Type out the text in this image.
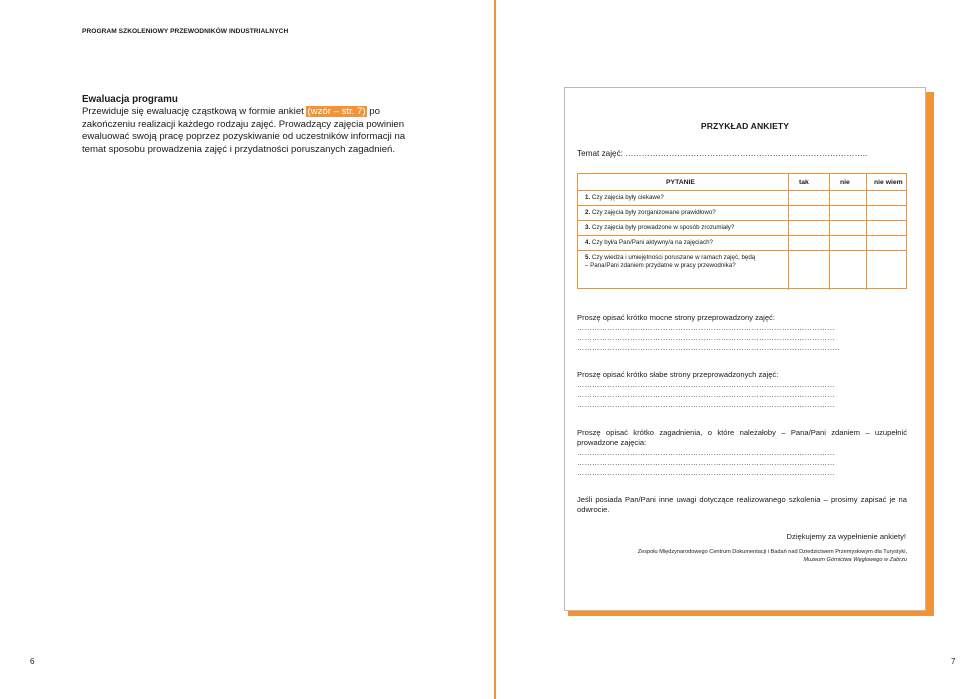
PROGRAM SZKOLENIOWY PRZEWODNIKÓW INDUSTRIALNYCH
Ewaluacja programu
Przewiduje się ewaluację cząstkową w formie ankiet (wzór – str. 7) po zakończeniu realizacji każdego rodzaju zajęć. Prowadzący zajęcia powinien ewaluować swoją pracę poprzez pozyskiwanie od uczestników informacji na temat sposobu prowadzenia zajęć i przydatności poruszanych zagadnień.
PRZYKŁAD ANKIETY
Temat zajęć: ……………………………………………………………………………..
PYTANIE	tak	nie	nie wiem
1. Czy zajęcia były ciekawe?
2. Czy zajęcia były zorganizowane prawidłowo?
3. Czy zajęcia były prowadzone w sposób zrozumiały?
4. Czy był/a Pan/Pani aktywny/a na zajęciach?
5. Czy wiedza i umiejętności poruszane w ramach zajęć, będą
– Pana/Pani zdaniem przydatne w pracy przewodnika?
Proszę opisać krótko mocne strony przeprowadzony zajęć:
…………………………………………………………………………………………
…………………………………………………………………………………………
…………………………………………………………………………………………..
Proszę opisać krótko słabe strony przeprowadzonych zajęć:
…………………………………………………………………………………………
…………………………………………………………………………………………
…………………………………………………………………………………………
Proszę opisać krótko zagadnienia, o które należałoby – Pana/Pani zdaniem – uzupełnić prowadzone zajęcia:
…………………………………………………………………………………………
…………………………………………………………………………………………
…………………………………………………………………………………………
Jeśli posiada Pan/Pani inne uwagi dotyczące realizowanego szkolenia – prosimy zapisać je na odwrocie.
Dziękujemy za wypełnienie ankiety!
Zespołu Międzynarodowego Centrum Dokumentacji i Badań nad Dziedzictwem Przemysłowym dla Turystyki,
Muzeum Górnictwa Węglowego w Zabrzu
6	7
